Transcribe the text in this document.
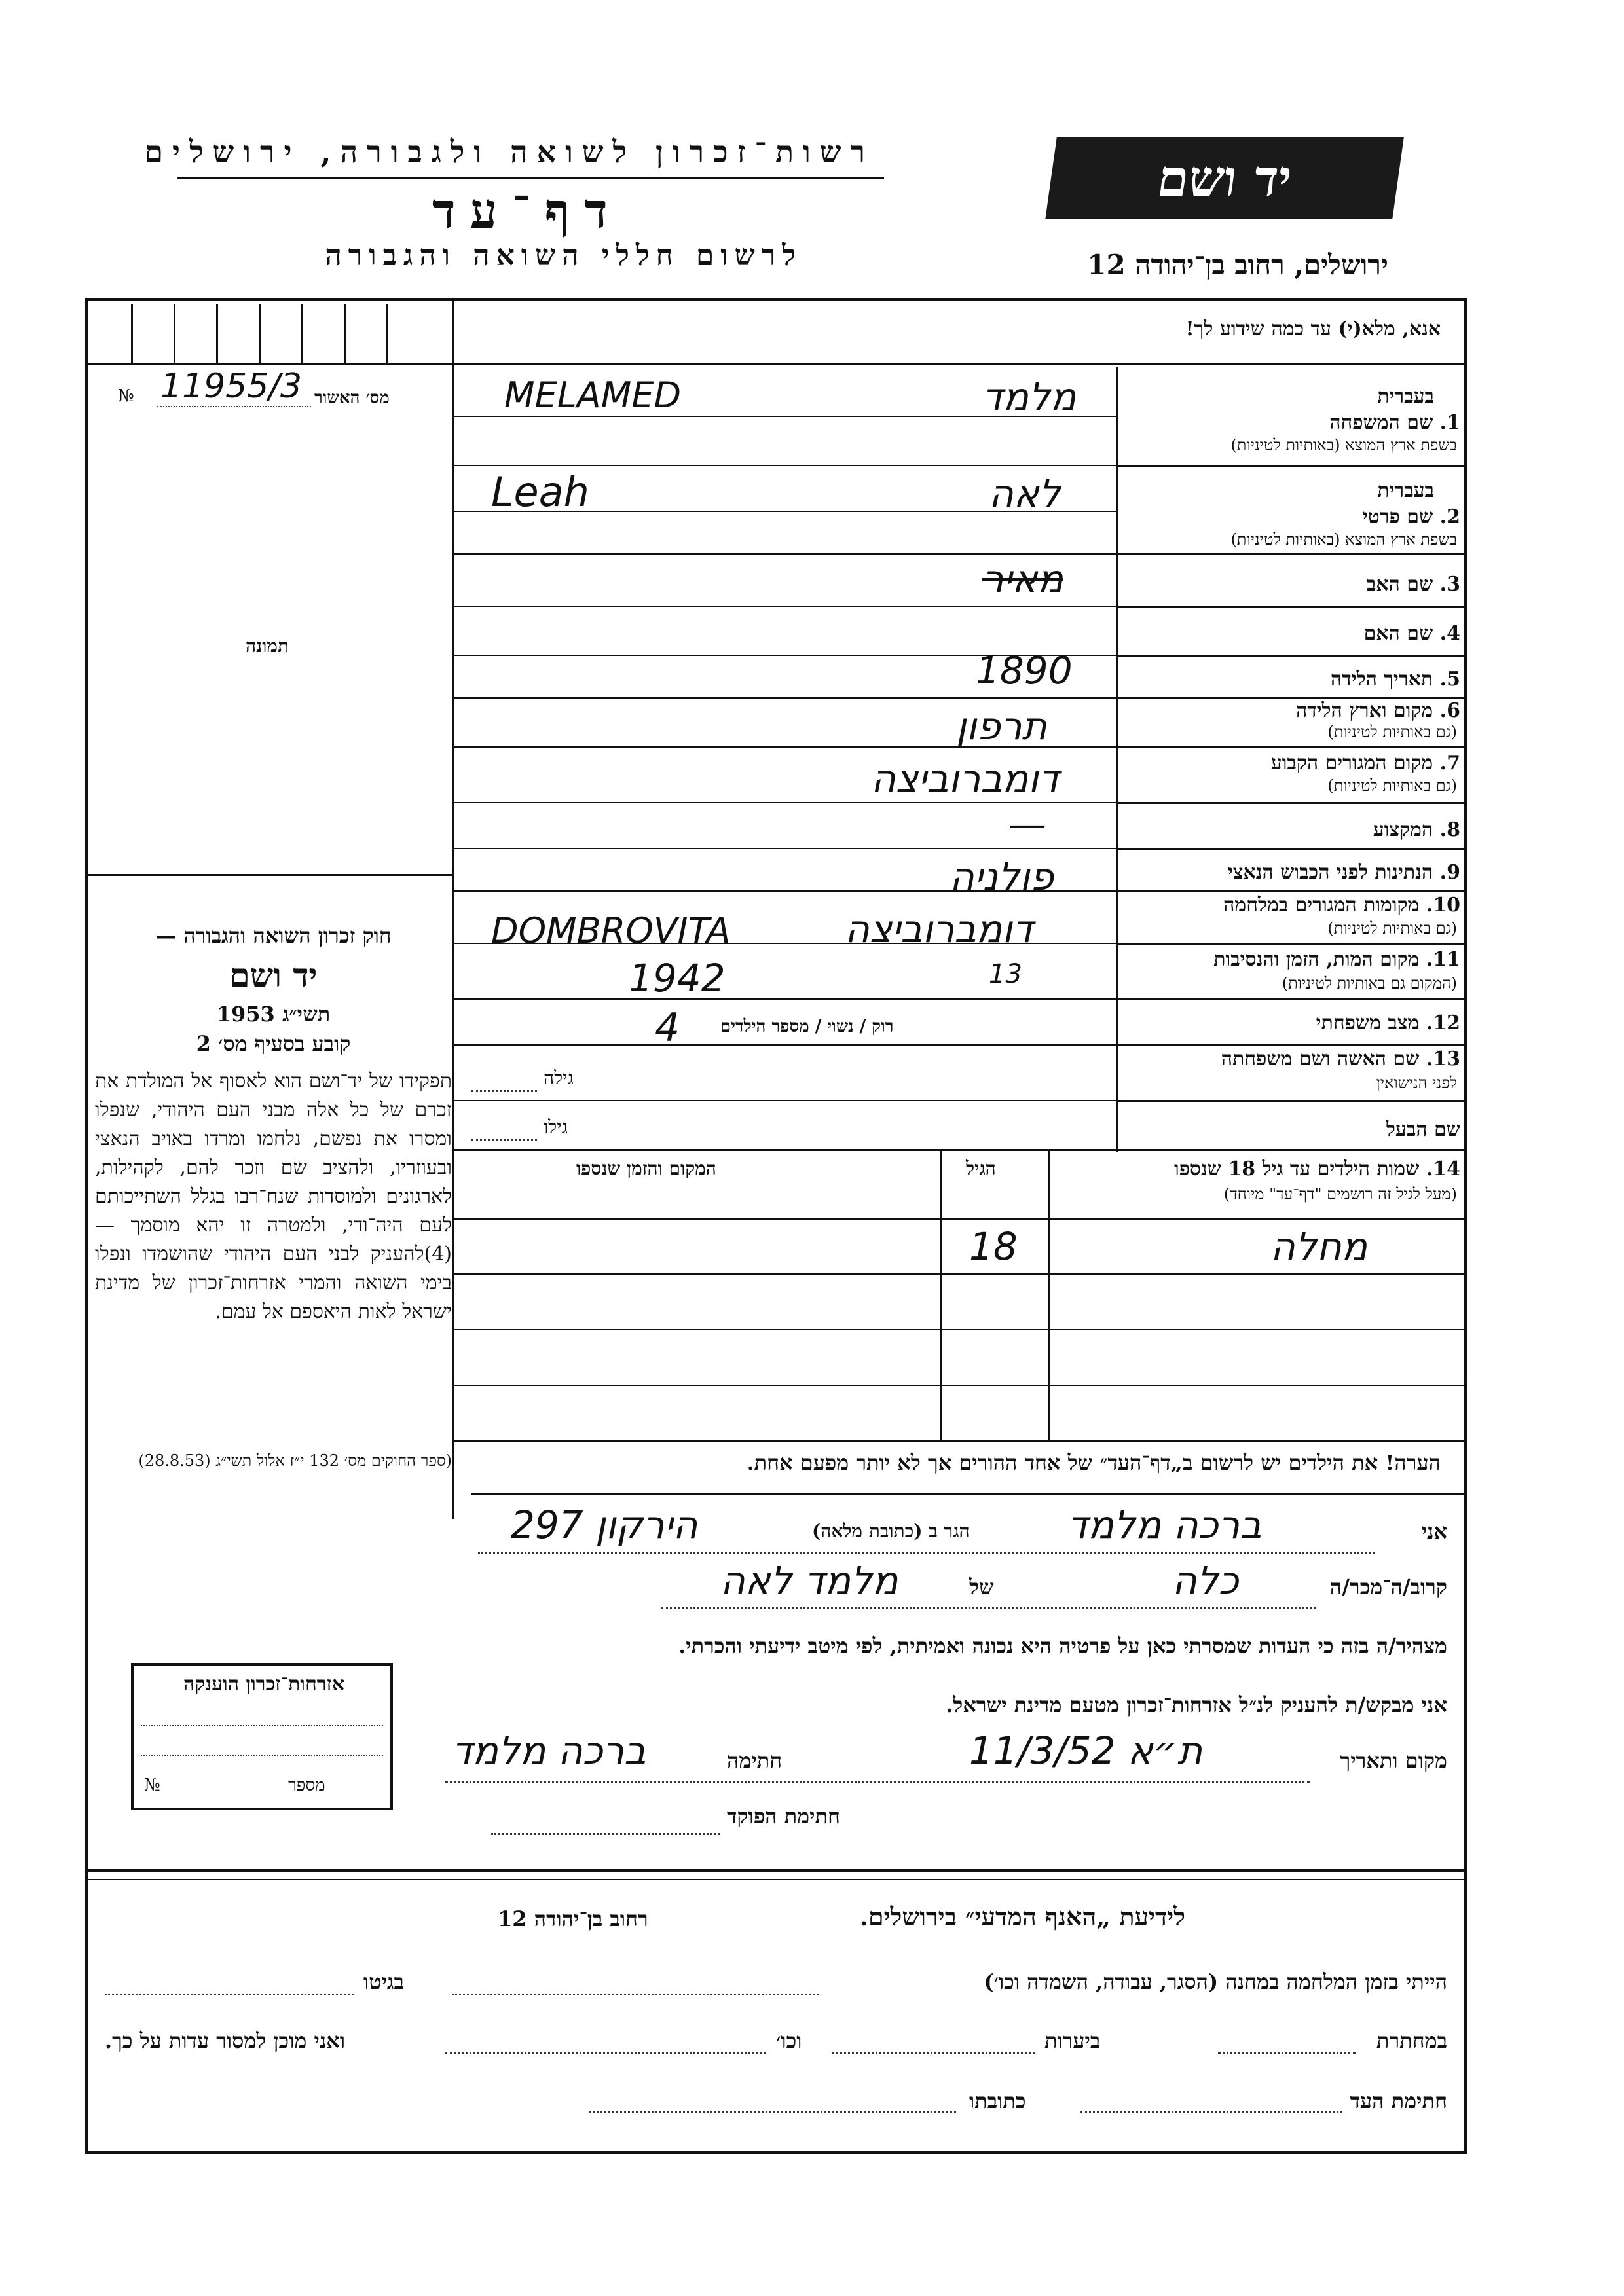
יד ושם
רשות־זכרון לשואה ולגבורה, ירושלים
דף־עד
לרשום חללי השואה והגבורה	ירושלים, רחוב בן־יהודה 12
אנא, מלא(י) עד כמה שידוע לך!
№ 11955/3 מס׳ האשור
תמונה
בעברית
1. שם המשפחה
בשפת ארץ המוצא (באותיות לטיניות)
בעברית
2. שם פרטי
בשפת ארץ המוצא (באותיות לטיניות)
3. שם האב
4. שם האם
5. תאריך הלידה
6. מקום וארץ הלידה
(גם באותיות לטיניות)
7. מקום המגורים הקבוע
(גם באותיות לטיניות)
8. המקצוע
9. הנתינות לפני הכבוש הנאצי
10. מקומות המגורים במלחמה
(גם באותיות לטיניות)
11. מקום המות, הזמן והנסיבות
(המקום גם באותיות לטיניות)
12. מצב משפחתי
13. שם האשה ושם משפחתה
לפני הנישואין
שם הבעל
מלמד
MELAMED
לאה
Leah
מאיר
1890
תרפון
דומברוביצה
—
פולניה
דומברוביצה
DOMBROVITA
13
1942
4 רוק / נשוי / מספר הילדים
גילה
גילו
14. שמות הילדים עד גיל 18 שנספו
(מעל לגיל זה רושמים "דף־עד" מיוחד)
הגיל
המקום והזמן שנספו
מחלה
18
הערה! את הילדים יש לרשום ב„דף־העד״ של אחד ההורים אך לא יותר מפעם אחת.
חוק זכרון השואה והגבורה —
יד ושם
תשי״ג 1953
קובע בסעיף מס׳ 2
תפקידו של יד־ושם הוא לאסוף אל המולדת את זכרם של כל אלה מבני העם היהודי, שנפלו ומסרו את נפשם, נלחמו ומרדו באויב הנאצי ובעוזריו, ולהציב שם וזכר להם, לקהילות, לארגונים ולמוסדות שנח־רבו בגלל השתייכותם לעם היה־ודי, ולמטרה זו יהא מוסמך — (4)להעניק לבני העם היהודי שהושמדו ונפלו בימי השואה והמרי אזרחות־זכרון של מדינת ישראל לאות היאספם אל עמם.
(ספר החוקים מס׳ 132 י״ז אלול תשי״ג (28.8.53)
אני
ברכה מלמד
הגר ב (כתובת מלאה)
הירקון 297
קרוב/ה־מכר/ה
כלה
של
מלמד לאה
מצהיר/ה בזה כי העדות שמסרתי כאן על פרטיה היא נכונה ואמיתית, לפי מיטב ידיעתי והכרתי.
אני מבקש/ת להעניק לנ״ל אזרחות־זכרון מטעם מדינת ישראל.
מקום ותאריך
ת״א 11/3/52
חתימה
ברכה מלמד
חתימת הפוקד
אזרחות־זכרון הוענקה
מספר
№
לידיעת „האנף המדעי״ בירושלים.
רחוב בן־יהודה 12
הייתי בזמן המלחמה במחנה (הסגר, עבודה, השמדה וכו׳)
בגיטו
במחתרת
ביערות
וכו׳
ואני מוכן למסור עדות על כך.
חתימת העד
כתובתו
